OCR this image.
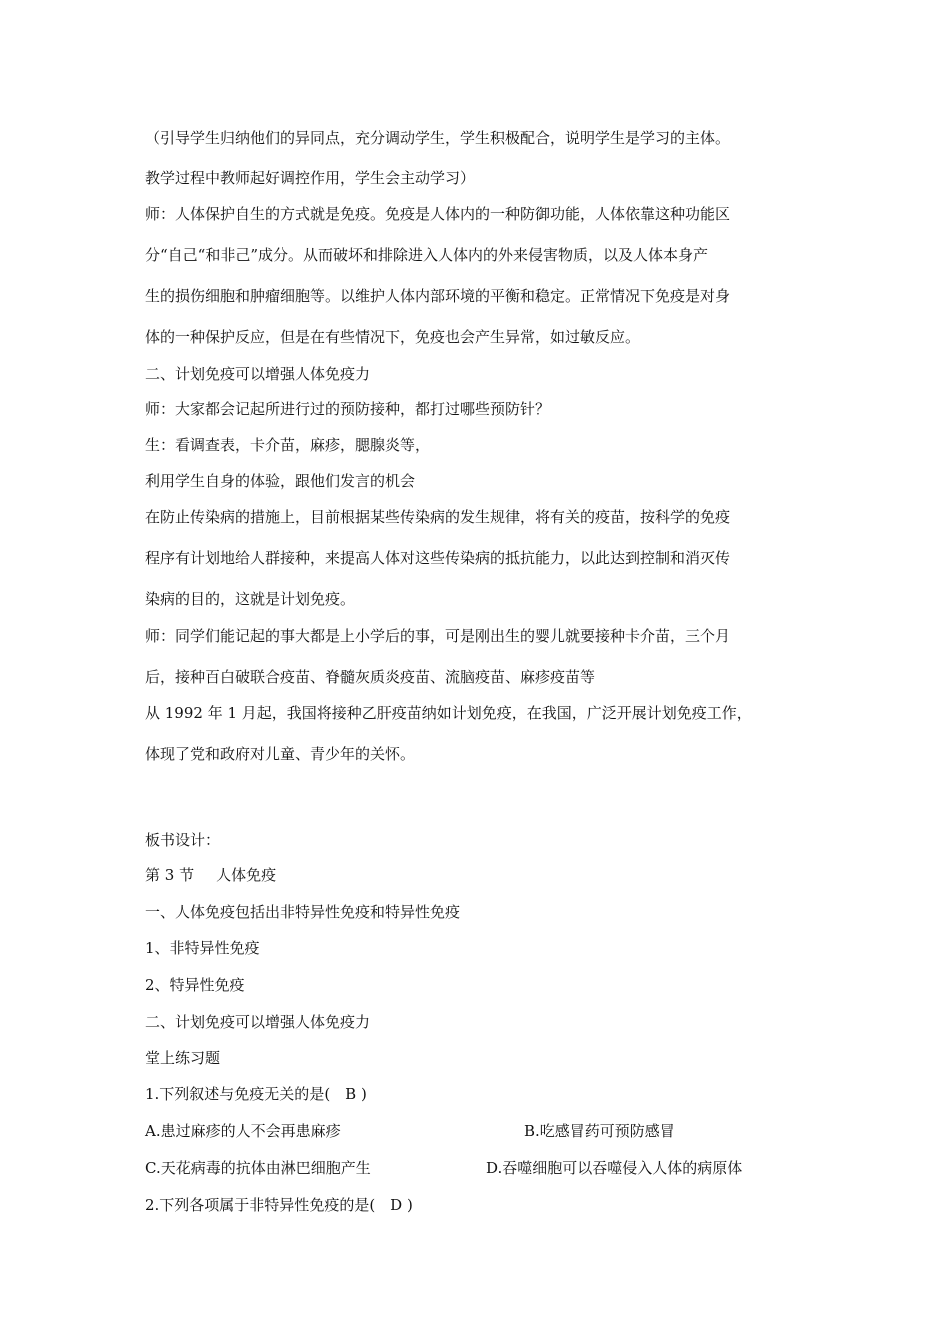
（引导学生归纳他们的异同点，充分调动学生，学生积极配合，说明学生是学习的主体。
教学过程中教师起好调控作用，学生会主动学习）
师：人体保护自生的方式就是免疫。免疫是人体内的一种防御功能，人体依靠这种功能区
分“自己“和非己”成分。从而破坏和排除进入人体内的外来侵害物质，以及人体本身产
生的损伤细胞和肿瘤细胞等。以维护人体内部环境的平衡和稳定。正常情况下免疫是对身
体的一种保护反应，但是在有些情况下，免疫也会产生异常，如过敏反应。
二、计划免疫可以增强人体免疫力
师：大家都会记起所进行过的预防接种，都打过哪些预防针？
生：看调查表，卡介苗，麻疹，腮腺炎等，
利用学生自身的体验，跟他们发言的机会
在防止传染病的措施上，目前根据某些传染病的发生规律，将有关的疫苗，按科学的免疫
程序有计划地给人群接种，来提高人体对这些传染病的抵抗能力，以此达到控制和消灭传
染病的目的，这就是计划免疫。
师：同学们能记起的事大都是上小学后的事，可是刚出生的婴儿就要接种卡介苗，三个月
后，接种百白破联合疫苗、脊髓灰质炎疫苗、流脑疫苗、麻疹疫苗等
从 1992 年 1 月起，我国将接种乙肝疫苗纳如计划免疫，在我国，广泛开展计划免疫工作，
体现了党和政府对儿童、青少年的关怀。
板书设计：
第 3 节 人体免疫
一、人体免疫包括出非特异性免疫和特异性免疫
1、非特异性免疫
2、特异性免疫
二、计划免疫可以增强人体免疫力
堂上练习题
1.下列叙述与免疫无关的是(　B )
A.患过麻疹的人不会再患麻疹	B.吃感冒药可预防感冒
C.天花病毒的抗体由淋巴细胞产生	D.吞噬细胞可以吞噬侵入人体的病原体
2.下列各项属于非特异性免疫的是(　D )
